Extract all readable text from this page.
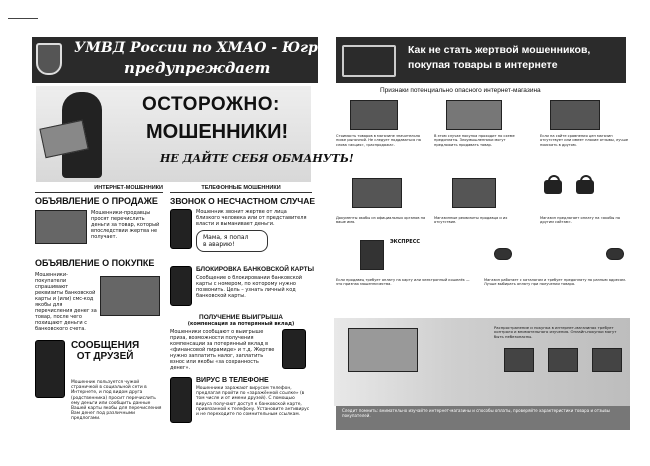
УМВД России по ХМАО - Югре
предупреждает
ОСТОРОЖНО:
МОШЕННИКИ!
НЕ ДАЙТЕ СЕБЯ ОБМАНУТЬ!
ИНТЕРНЕТ-МОШЕННИКИ
ОБЪЯВЛЕНИЕ О ПРОДАЖЕ
Мошенники-продавцы просят перечислить деньги за товар, который впоследствии жертва не получает.
ОБЪЯВЛЕНИЕ О ПОКУПКЕ
Мошенники-покупатели спрашивают реквизиты банковской карты и (или) смс-код якобы для перечисления денег за товар, после чего похищают деньги с банковского счета.
СООБЩЕНИЯ
ОТ ДРУЗЕЙ
Мошенник пользуется чужой страничкой в социальной сети в Интернете, и под видом друга (родственника) просит перечислить ему деньги или сообщить данные Вашей карты якобы для перечисления Вам денег под различными предлогами.
ТЕЛЕФОННЫЕ МОШЕННИКИ
ЗВОНОК О НЕСЧАСТНОМ СЛУЧАЕ
Мошенник звонит жертве от лица близкого человека или от представителя власти и выманивает деньги.
Мама, я попал
в аварию!
БЛОКИРОВКА БАНКОВСКОЙ КАРТЫ
Сообщение о блокировании банковской карты с номером, по которому нужно позвонить. Цель – узнать личный код банковской карты.
ПОЛУЧЕНИЕ ВЫИГРЫША
(компенсация за потерянный вклад)
Мошенники сообщают о выигрыше приза, возможности получения компенсации за потерянный вклад в «финансовой пирамиде» и т.д. Жертве нужно заплатить налог, заплатить взнос или якобы «за сохранность денег».
ВИРУС В ТЕЛЕФОНЕ
Мошенники заражают вирусом телефон, предлагая пройти по «заражённой ссылке» (в том числе и от имени друзей). С помощью вируса получают доступ к банковской карте, привязанной к телефону. Установите антивирус и не переходите по сомнительным ссылкам.
Как не стать жертвой мошенников,
покупая товары в интернете
Признаки потенциально опасного интернет-магазина
Стоимость товаров в магазине значительно ниже рыночной. Не следует поддаваться на слова «акция», «распродажа».
В этом случае покупка проходит по схеме предоплаты. Злоумышленники могут предложить продавать товар.
Если на сайте сравнения цен магазин отсутствует или имеет плохие отзывы, лучше поискать в другом.
Документы якобы из официальных органов на ваше имя.
Магазинные реквизиты продавца и их отсутствие.
Магазин предлагает оплату на «якобы по другим сайтам».
ЭКСПРЕСС
Если продавец требует оплату на карту или электронный кошелёк — это признак мошенничества.
Магазин работает с каталогом и требует предоплату по разным адресам. Лучше выбирать оплату при получении товара.
Распространение и покупка в интернет-магазинах требует контроля и внимательного изучения. Онлайн-покупки могут быть небезопасны.
Следит помнить: внимательно изучайте интернет-магазины и способы оплаты, проверяйте характеристики товара и отзывы покупателей.
